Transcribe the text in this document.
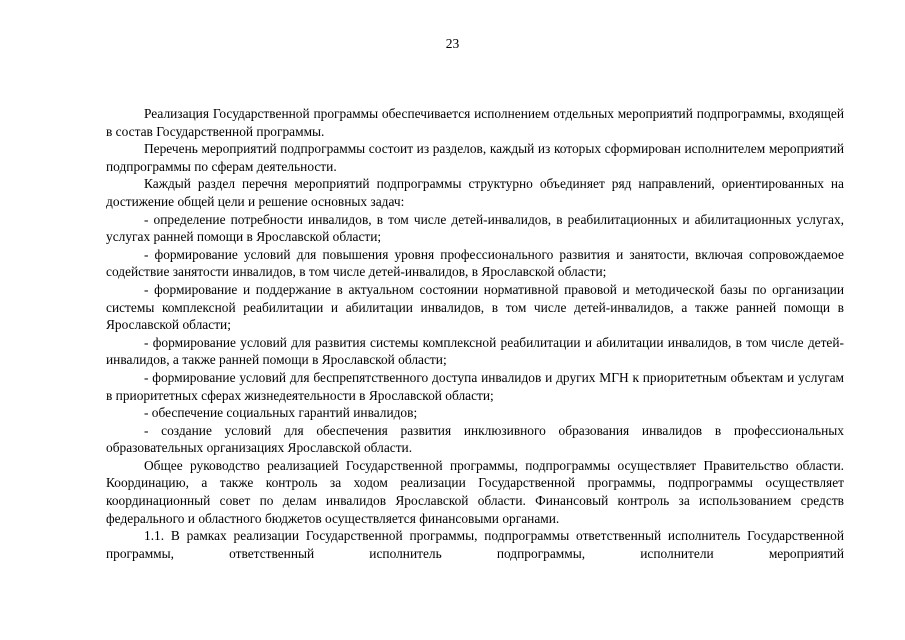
23

Реализация Государственной программы обеспечивается исполнением отдельных мероприятий подпрограммы, входящей в состав Государственной программы.

Перечень мероприятий подпрограммы состоит из разделов, каждый из которых сформирован исполнителем мероприятий подпрограммы по сферам деятельности.

Каждый раздел перечня мероприятий подпрограммы структурно объединяет ряд направлений, ориентированных на достижение общей цели и решение основных задач:

- определение потребности инвалидов, в том числе детей-инвалидов, в реабилитационных и абилитационных услугах, услугах ранней помощи в Ярославской области;

- формирование условий для повышения уровня профессионального развития и занятости, включая сопровождаемое содействие занятости инвалидов, в том числе детей-инвалидов, в Ярославской области;

- формирование и поддержание в актуальном состоянии нормативной правовой и методической базы по организации системы комплексной реабилитации и абилитации инвалидов, в том числе детей-инвалидов, а также ранней помощи в Ярославской области;

- формирование условий для развития системы комплексной реабилитации и абилитации инвалидов, в том числе детей-инвалидов, а также ранней помощи в Ярославской области;

- формирование условий для беспрепятственного доступа инвалидов и других МГН к приоритетным объектам и услугам в приоритетных сферах жизнедеятельности в Ярославской области;

- обеспечение социальных гарантий инвалидов;

- создание условий для обеспечения развития инклюзивного образования инвалидов в профессиональных образовательных организациях Ярославской области.

Общее руководство реализацией Государственной программы, подпрограммы осуществляет Правительство области. Координацию, а также контроль за ходом реализации Государственной программы, подпрограммы осуществляет координационный совет по делам инвалидов Ярославской области. Финансовый контроль за использованием средств федерального и областного бюджетов осуществляется финансовыми органами.

1.1. В рамках реализации Государственной программы, подпрограммы ответственный исполнитель Государственной программы, ответственный исполнитель подпрограммы, исполнители мероприятий
